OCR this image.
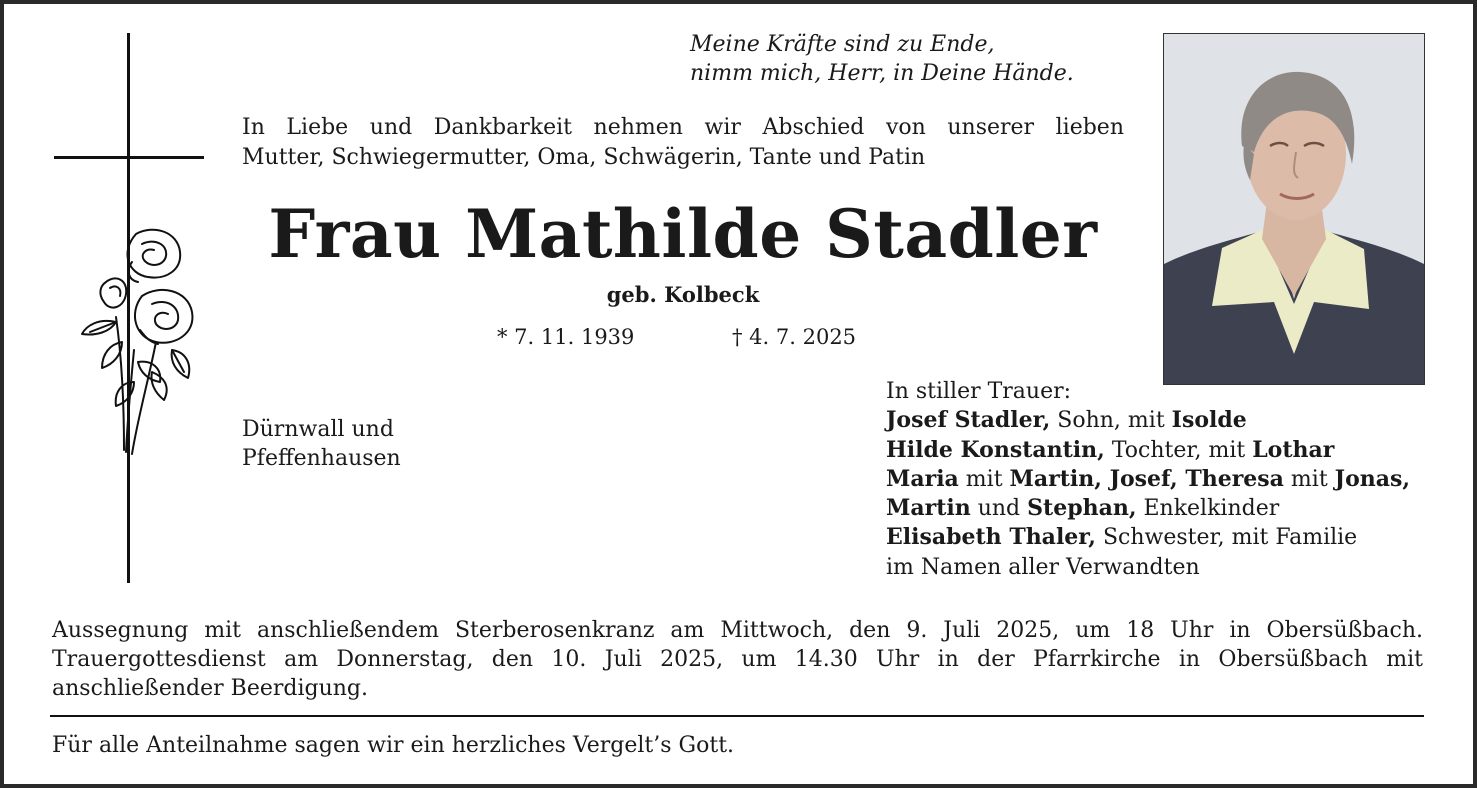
Meine Kräfte sind zu Ende,
nimm mich, Herr, in Deine Hände.
In Liebe und Dankbarkeit nehmen wir Abschied von unserer lieben
Mutter, Schwiegermutter, Oma, Schwägerin, Tante und Patin
Frau Mathilde Stadler
geb. Kolbeck
* 7. 11. 1939	† 4. 7. 2025
Dürnwall und
Pfeffenhausen
In stiller Trauer:
Josef Stadler, Sohn, mit Isolde
Hilde Konstantin, Tochter, mit Lothar
Maria mit Martin, Josef, Theresa mit Jonas,
Martin und Stephan, Enkelkinder
Elisabeth Thaler, Schwester, mit Familie
im Namen aller Verwandten
Aussegnung mit anschließendem Sterberosenkranz am Mittwoch, den 9. Juli 2025, um 18 Uhr in Obersüßbach. Trauergottesdienst am Donnerstag, den 10. Juli 2025, um 14.30 Uhr in der Pfarrkirche in Obersüßbach mit anschließender Beerdigung.
Für alle Anteilnahme sagen wir ein herzliches Vergelt’s Gott.
